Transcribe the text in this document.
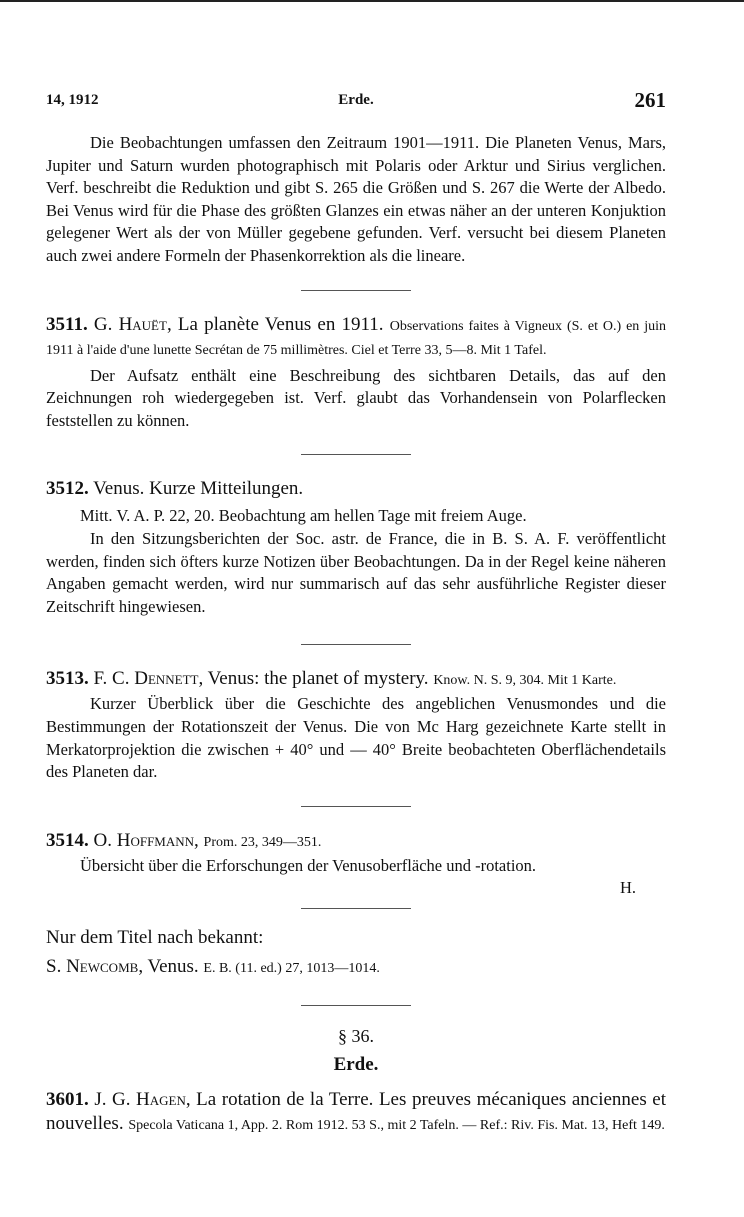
14, 1912	Erde.	261

Die Beobachtungen umfassen den Zeitraum 1901—1911. Die Planeten Venus, Mars, Jupiter und Saturn wurden photographisch mit Polaris oder Arktur und Sirius verglichen. Verf. beschreibt die Reduktion und gibt S. 265 die Größen und S. 267 die Werte der Albedo. Bei Venus wird für die Phase des größten Glanzes ein etwas näher an der unteren Konjuktion gelegener Wert als der von Müller gegebene gefunden. Verf. versucht bei diesem Planeten auch zwei andere Formeln der Phasenkorrektion als die lineare.

3511. G. Hauët, La planète Venus en 1911. Observations faites à Vigneux (S. et O.) en juin 1911 à l'aide d'une lunette Secrétan de 75 millimètres. Ciel et Terre 33, 5—8. Mit 1 Tafel.

Der Aufsatz enthält eine Beschreibung des sichtbaren Details, das auf den Zeichnungen roh wiedergegeben ist. Verf. glaubt das Vorhandensein von Polarflecken feststellen zu können.

3512. Venus. Kurze Mitteilungen.

Mitt. V. A. P. 22, 20. Beobachtung am hellen Tage mit freiem Auge.

In den Sitzungsberichten der Soc. astr. de France, die in B. S. A. F. veröffentlicht werden, finden sich öfters kurze Notizen über Beobachtungen. Da in der Regel keine näheren Angaben gemacht werden, wird nur summarisch auf das sehr ausführliche Register dieser Zeitschrift hingewiesen.

3513. F. C. Dennett, Venus: the planet of mystery. Know. N. S. 9, 304. Mit 1 Karte.

Kurzer Überblick über die Geschichte des angeblichen Venusmondes und die Bestimmungen der Rotationszeit der Venus. Die von Mc Harg gezeichnete Karte stellt in Merkatorprojektion die zwischen + 40° und — 40° Breite beobachteten Oberflächendetails des Planeten dar.

3514. O. Hoffmann, Prom. 23, 349—351.

Übersicht über die Erforschungen der Venusoberfläche und -rotation.

H.

Nur dem Titel nach bekannt:

S. Newcomb, Venus. E. B. (11. ed.) 27, 1013—1014.

§ 36.
Erde.

3601. J. G. Hagen, La rotation de la Terre. Les preuves mécaniques anciennes et nouvelles. Specola Vaticana 1, App. 2. Rom 1912. 53 S., mit 2 Tafeln. — Ref.: Riv. Fis. Mat. 13, Heft 149.
